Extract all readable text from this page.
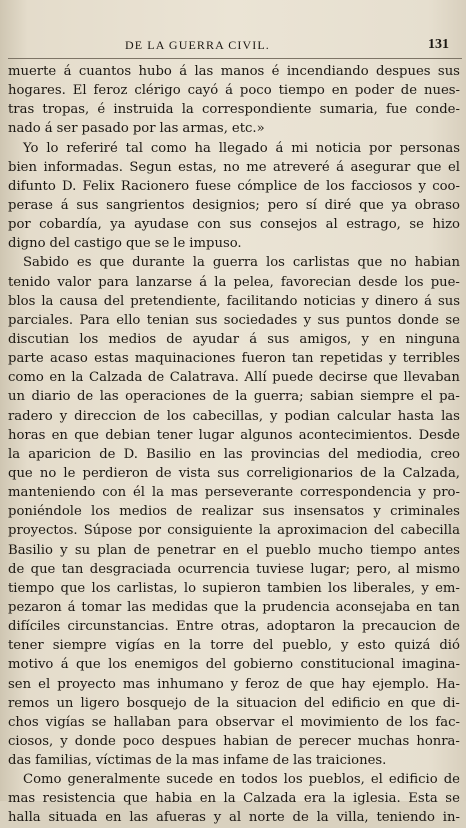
DE LA GUERRA CIVIL.	131
muerte á cuantos hubo á las manos é incendiando despues sus
hogares. El feroz clérigo cayó á poco tiempo en poder de nues-
tras tropas, é instruida la correspondiente sumaria, fue conde-
nado á ser pasado por las armas, etc.»
Yo lo referiré tal como ha llegado á mi noticia por personas
bien informadas. Segun estas, no me atreveré á asegurar que el
difunto D. Felix Racionero fuese cómplice de los facciosos y coo-
perase á sus sangrientos designios; pero sí diré que ya obraso
por cobardía, ya ayudase con sus consejos al estrago, se hizo
digno del castigo que se le impuso.
Sabido es que durante la guerra los carlistas que no habian
tenido valor para lanzarse á la pelea, favorecian desde los pue-
blos la causa del pretendiente, facilitando noticias y dinero á sus
parciales. Para ello tenian sus sociedades y sus puntos donde se
discutian los medios de ayudar á sus amigos, y en ninguna
parte acaso estas maquinaciones fueron tan repetidas y terribles
como en la Calzada de Calatrava. Allí puede decirse que llevaban
un diario de las operaciones de la guerra; sabian siempre el pa-
radero y direccion de los cabecillas, y podian calcular hasta las
horas en que debian tener lugar algunos acontecimientos. Desde
la aparicion de D. Basilio en las provincias del mediodia, creo
que no le perdieron de vista sus correligionarios de la Calzada,
manteniendo con él la mas perseverante correspondencia y pro-
poniéndole los medios de realizar sus insensatos y criminales
proyectos. Súpose por consiguiente la aproximacion del cabecilla
Basilio y su plan de penetrar en el pueblo mucho tiempo antes
de que tan desgraciada ocurrencia tuviese lugar; pero, al mismo
tiempo que los carlistas, lo supieron tambien los liberales, y em-
pezaron á tomar las medidas que la prudencia aconsejaba en tan
difíciles circunstancias. Entre otras, adoptaron la precaucion de
tener siempre vigías en la torre del pueblo, y esto quizá dió
motivo á que los enemigos del gobierno constitucional imagina-
sen el proyecto mas inhumano y feroz de que hay ejemplo. Ha-
remos un ligero bosquejo de la situacion del edificio en que di-
chos vigías se hallaban para observar el movimiento de los fac-
ciosos, y donde poco despues habian de perecer muchas honra-
das familias, víctimas de la mas infame de las traiciones.
Como generalmente sucede en todos los pueblos, el edificio de
mas resistencia que habia en la Calzada era la iglesia. Esta se
halla situada en las afueras y al norte de la villa, teniendo in-
